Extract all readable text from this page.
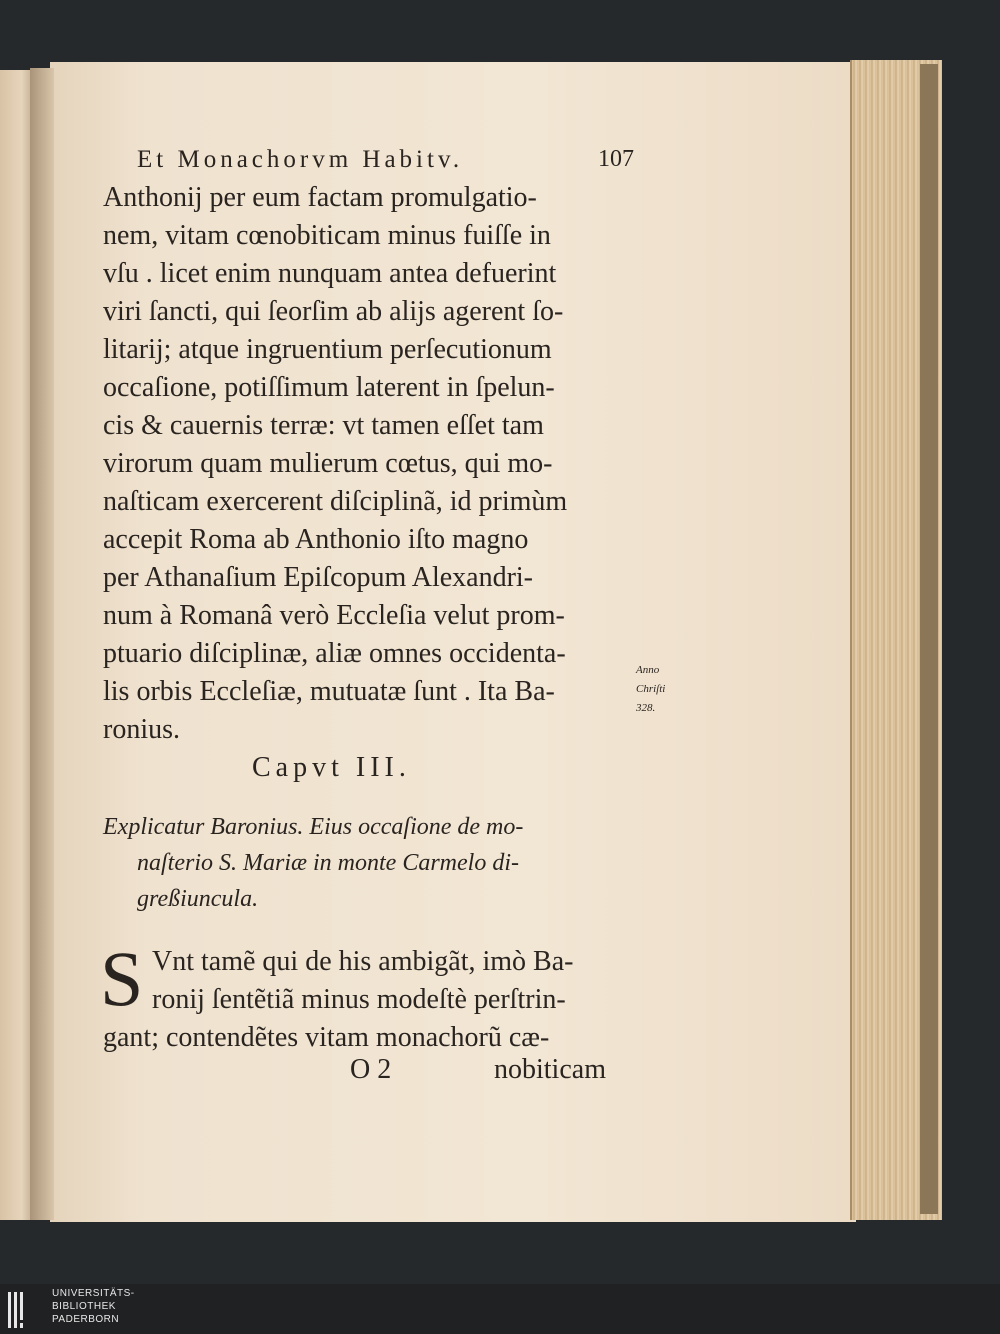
Et Monachorvm Habitv.	107
Anthonij per eum factam promulgatio-
nem, vitam cœnobiticam minus fuiſſe in
vſu . licet enim nunquam antea defuerint
viri ſancti, qui ſeorſim ab alijs agerent ſo-
litarij; atque ingruentium perſecutionum
occaſione, potiſſimum laterent in ſpelun-
cis & cauernis terræ: vt tamen eſſet tam
virorum quam mulierum cœtus, qui mo-
naſticam exercerent diſciplinã, id primùm
accepit Roma ab Anthonio iſto magno
per Athanaſium Epiſcopum Alexandri-
num à Romanâ verò Eccleſia velut prom-
ptuario diſciplinæ, aliæ omnes occidenta-
lis orbis Eccleſiæ, mutuatæ ſunt . Ita Ba-
ronius.
Anno
Chriſti
328.
Capvt III.
Explicatur Baronius. Eius occaſione de mo-
naſterio S. Mariæ in monte Carmelo di-
greßiuncula.
S Vnt tamẽ qui de his ambigãt, imò Ba-
ronij ſentẽtiã minus modeſtè perſtrin-
gant; contendẽtes vitam monachorũ cæ-
O 2	nobiticam
UNIVERSITÄTS-
BIBLIOTHEK
PADERBORN
